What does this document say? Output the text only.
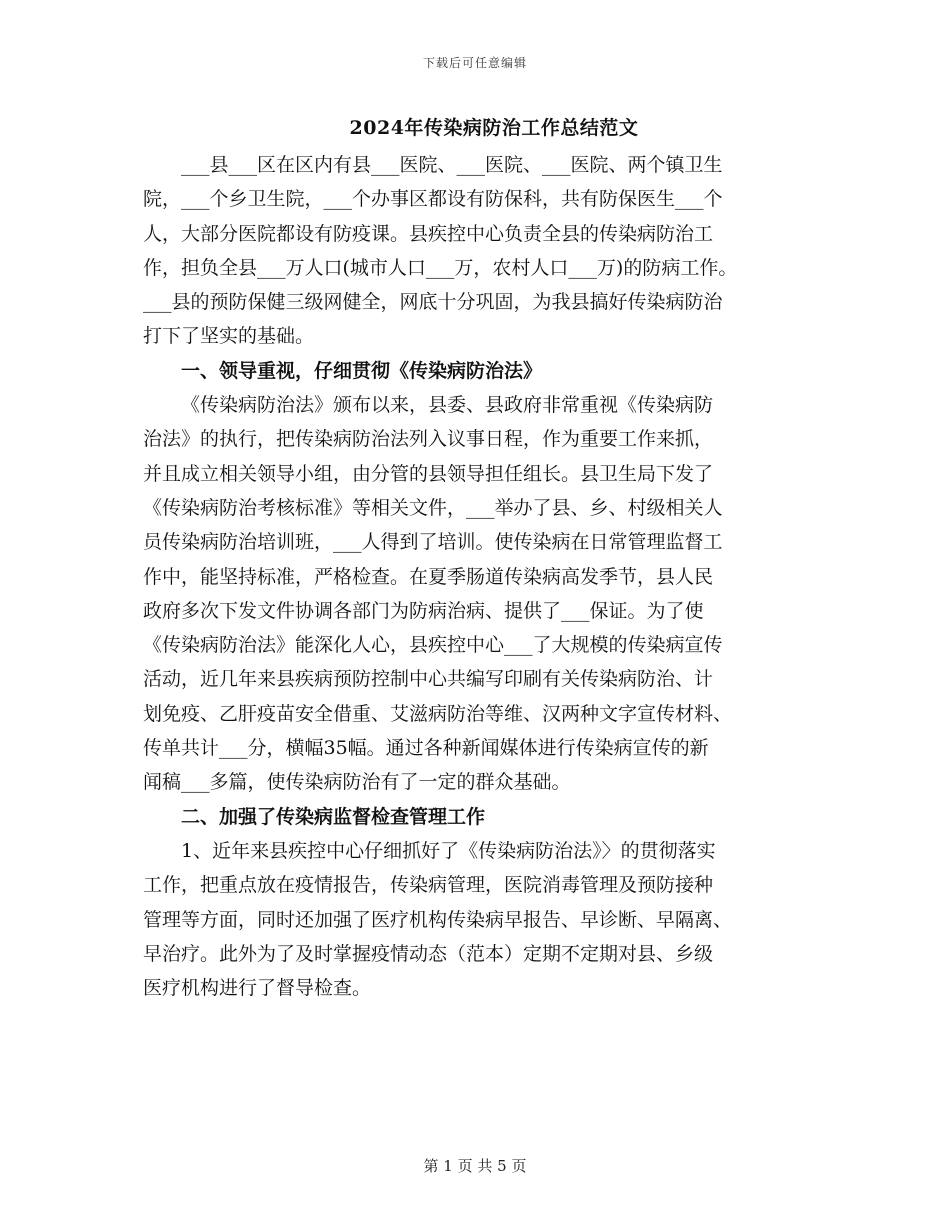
下载后可任意编辑
2024年传染病防治工作总结范文

___县___区在区内有县___医院、___医院、___医院、两个镇卫生

院，___个乡卫生院，___个办事区都设有防保科，共有防保医生___个

人，大部分医院都设有防疫课。县疾控中心负责全县的传染病防治工

作，担负全县___万人口(城市人口___万，农村人口___万)的防病工作。

___县的预防保健三级网健全，网底十分巩固，为我县搞好传染病防治

打下了坚实的基础。

一、领导重视，仔细贯彻《传染病防治法》

《传染病防治法》颁布以来，县委、县政府非常重视《传染病防

治法》的执行，把传染病防治法列入议事日程，作为重要工作来抓，

并且成立相关领导小组，由分管的县领导担任组长。县卫生局下发了

《传染病防治考核标准》等相关文件，___举办了县、乡、村级相关人

员传染病防治培训班，___人得到了培训。使传染病在日常管理监督工

作中，能坚持标准，严格检查。在夏季肠道传染病高发季节，县人民

政府多次下发文件协调各部门为防病治病、提供了___保证。为了使

《传染病防治法》能深化人心，县疾控中心___了大规模的传染病宣传

活动，近几年来县疾病预防控制中心共编写印刷有关传染病防治、计

划免疫、乙肝疫苗安全借重、艾滋病防治等维、汉两种文字宣传材料、

传单共计___分，横幅35幅。通过各种新闻媒体进行传染病宣传的新

闻稿___多篇，使传染病防治有了一定的群众基础。

二、加强了传染病监督检查管理工作

1、近年来县疾控中心仔细抓好了《传染病防治法》〉的贯彻落实

工作，把重点放在疫情报告，传染病管理，医院消毒管理及预防接种

管理等方面，同时还加强了医疗机构传染病早报告、早诊断、早隔离、

早治疗。此外为了及时掌握疫情动态（范本）定期不定期对县、乡级

医疗机构进行了督导检查。

第 1 页 共 5 页
